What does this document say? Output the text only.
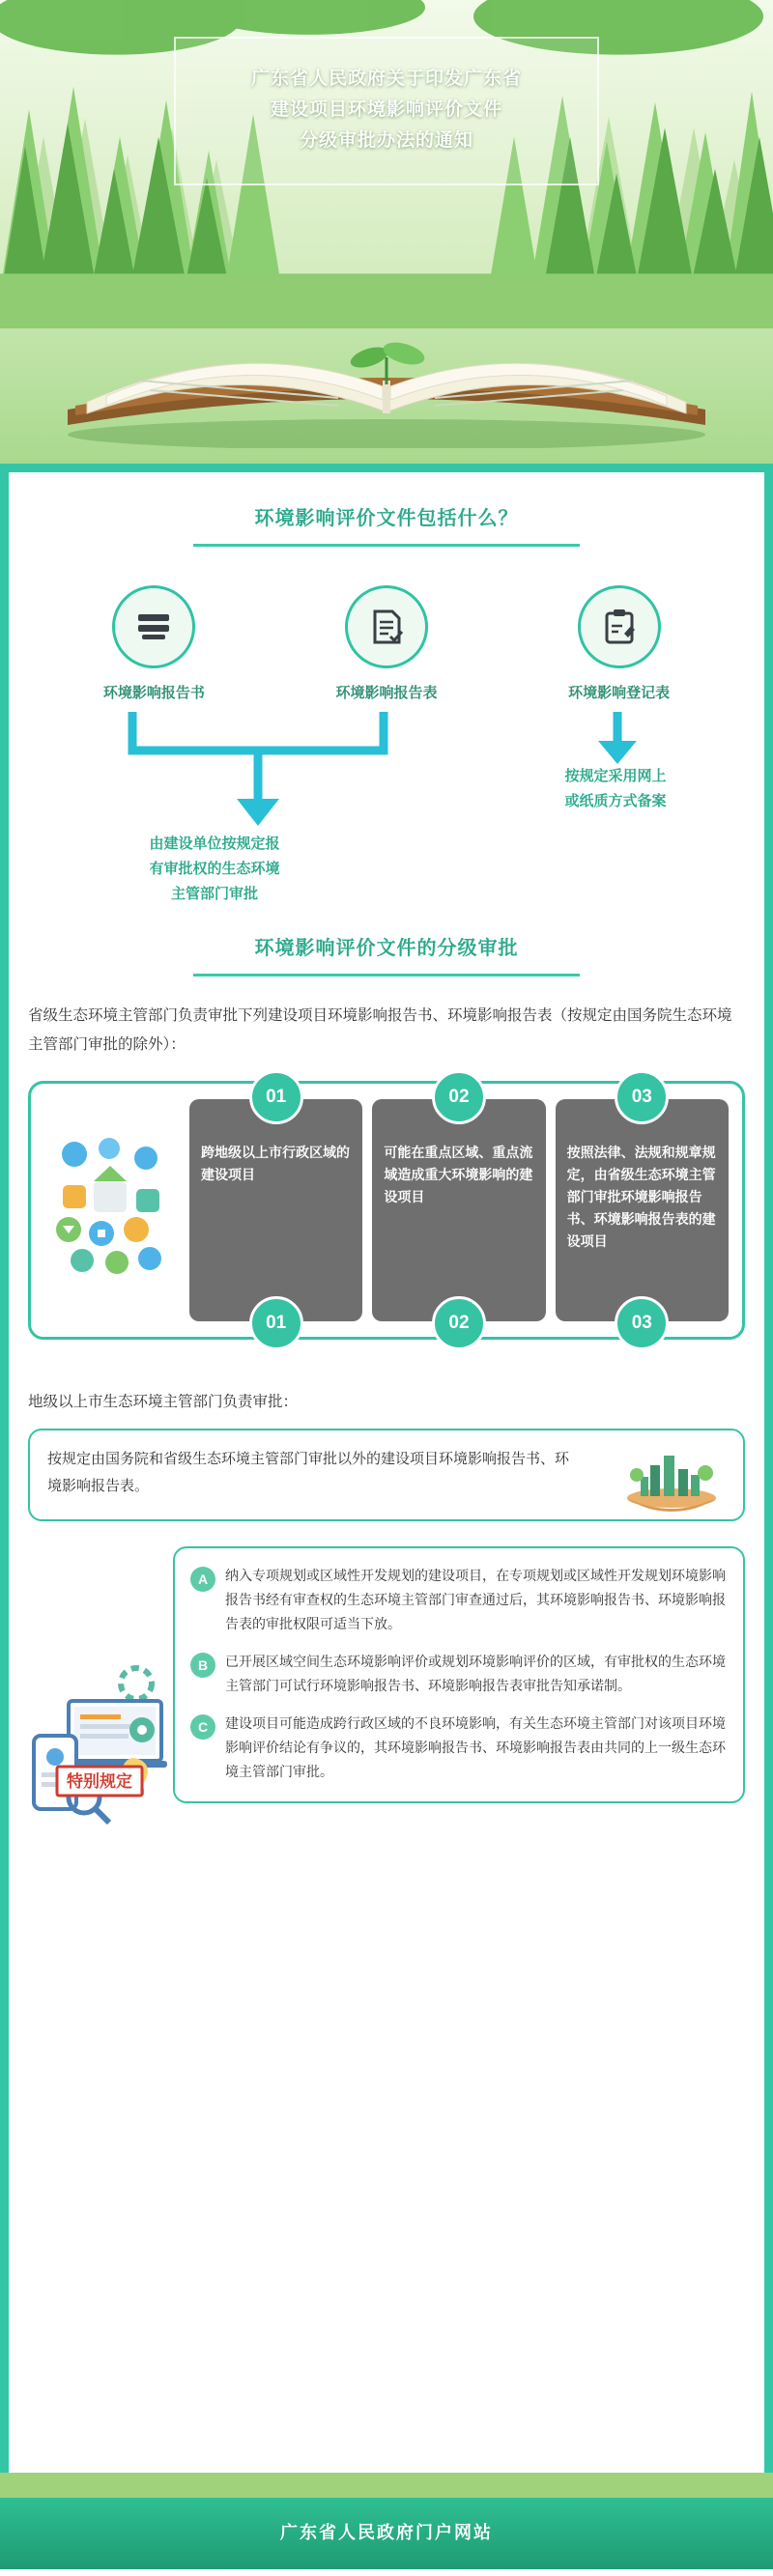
广东省人民政府关于印发广东省
建设项目环境影响评价文件
分级审批办法的通知
环境影响评价文件包括什么？
环境影响报告书	环境影响报告表	环境影响登记表
按规定采用网上
或纸质方式备案
由建设单位按规定报
有审批权的生态环境
主管部门审批
环境影响评价文件的分级审批

省级生态环境主管部门负责审批下列建设项目环境影响报告书、环境影响报告表（按规定由国务院生态环境主管部门审批的除外）：

01

跨地级以上市行政区域的建设项目

01
02

可能在重点区域、重点流域造成重大环境影响的建设项目

02
03

按照法律、法规和规章规定，由省级生态环境主管部门审批环境影响报告书、环境影响报告表的建设项目

03

地级以上市生态环境主管部门负责审批：

按规定由国务院和省级生态环境主管部门审批以外的建设项目环境影响报告书、环境影响报告表。

特别规定
A	纳入专项规划或区域性开发规划的建设项目，在专项规划或区域性开发规划环境影响报告书经有审查权的生态环境主管部门审查通过后，其环境影响报告书、环境影响报告表的审批权限可适当下放。

B	已开展区域空间生态环境影响评价或规划环境影响评价的区域，有审批权的生态环境主管部门可试行环境影响报告书、环境影响报告表审批告知承诺制。

C	建设项目可能造成跨行政区域的不良环境影响，有关生态环境主管部门对该项目环境影响评价结论有争议的，其环境影响报告书、环境影响报告表由共同的上一级生态环境主管部门审批。

广东省人民政府门户网站
